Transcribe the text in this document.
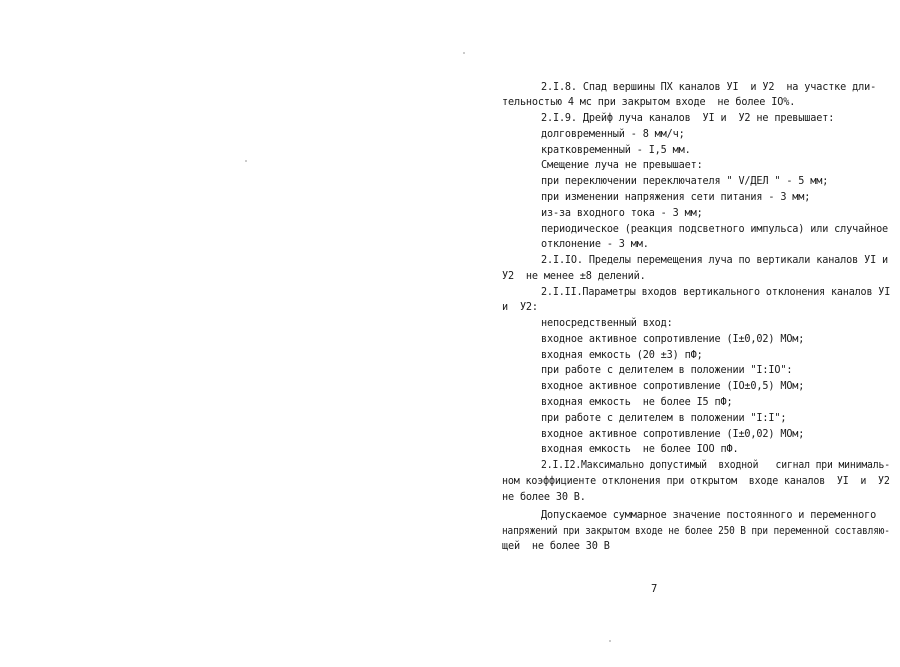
2.I.8. Спад вершины ПХ каналов УI  и У2  на участке дли-
тельностью 4 мс при закрытом входе  не более IO%.
2.I.9. Дрейф луча каналов  УI и  У2 не превышает:
долговременный - 8 мм/ч;
кратковременный - I,5 мм.
Смещение луча не превышает:
при переключении переключателя " V/ДЕЛ " - 5 мм;
при изменении напряжения сети питания - 3 мм;
из-за входного тока - 3 мм;
периодическое (реакция подсветного импульса) или случайное
отклонение - 3 мм.
2.I.IO. Пределы перемещения луча по вертикали каналов УI и
У2  не менее ±8 делений.
2.I.II.Параметры входов вертикального отклонения каналов УI
и  У2:
непосредственный вход:
входное активное сопротивление (I±0,02) МОм;
входная емкость (20 ±3) пФ;
при работе с делителем в положении "I:IO":
входное активное сопротивление (IO±0,5) МОм;
входная емкость  не более I5 пФ;
при работе с делителем в положении "I:I";
входное активное сопротивление (I±0,02) МОм;
входная емкость  не более IOO пФ.
2.I.I2.Максимально допустимый  входной   сигнал при минималь-
ном коэффициенте отклонения при открытом  входе каналов  УI  и  У2
не более 30 В.
Допускаемое суммарное значение постоянного и переменного
напряжений при закрытом входе не более 250 В при переменной составляю-
щей  не более 30 В
7
